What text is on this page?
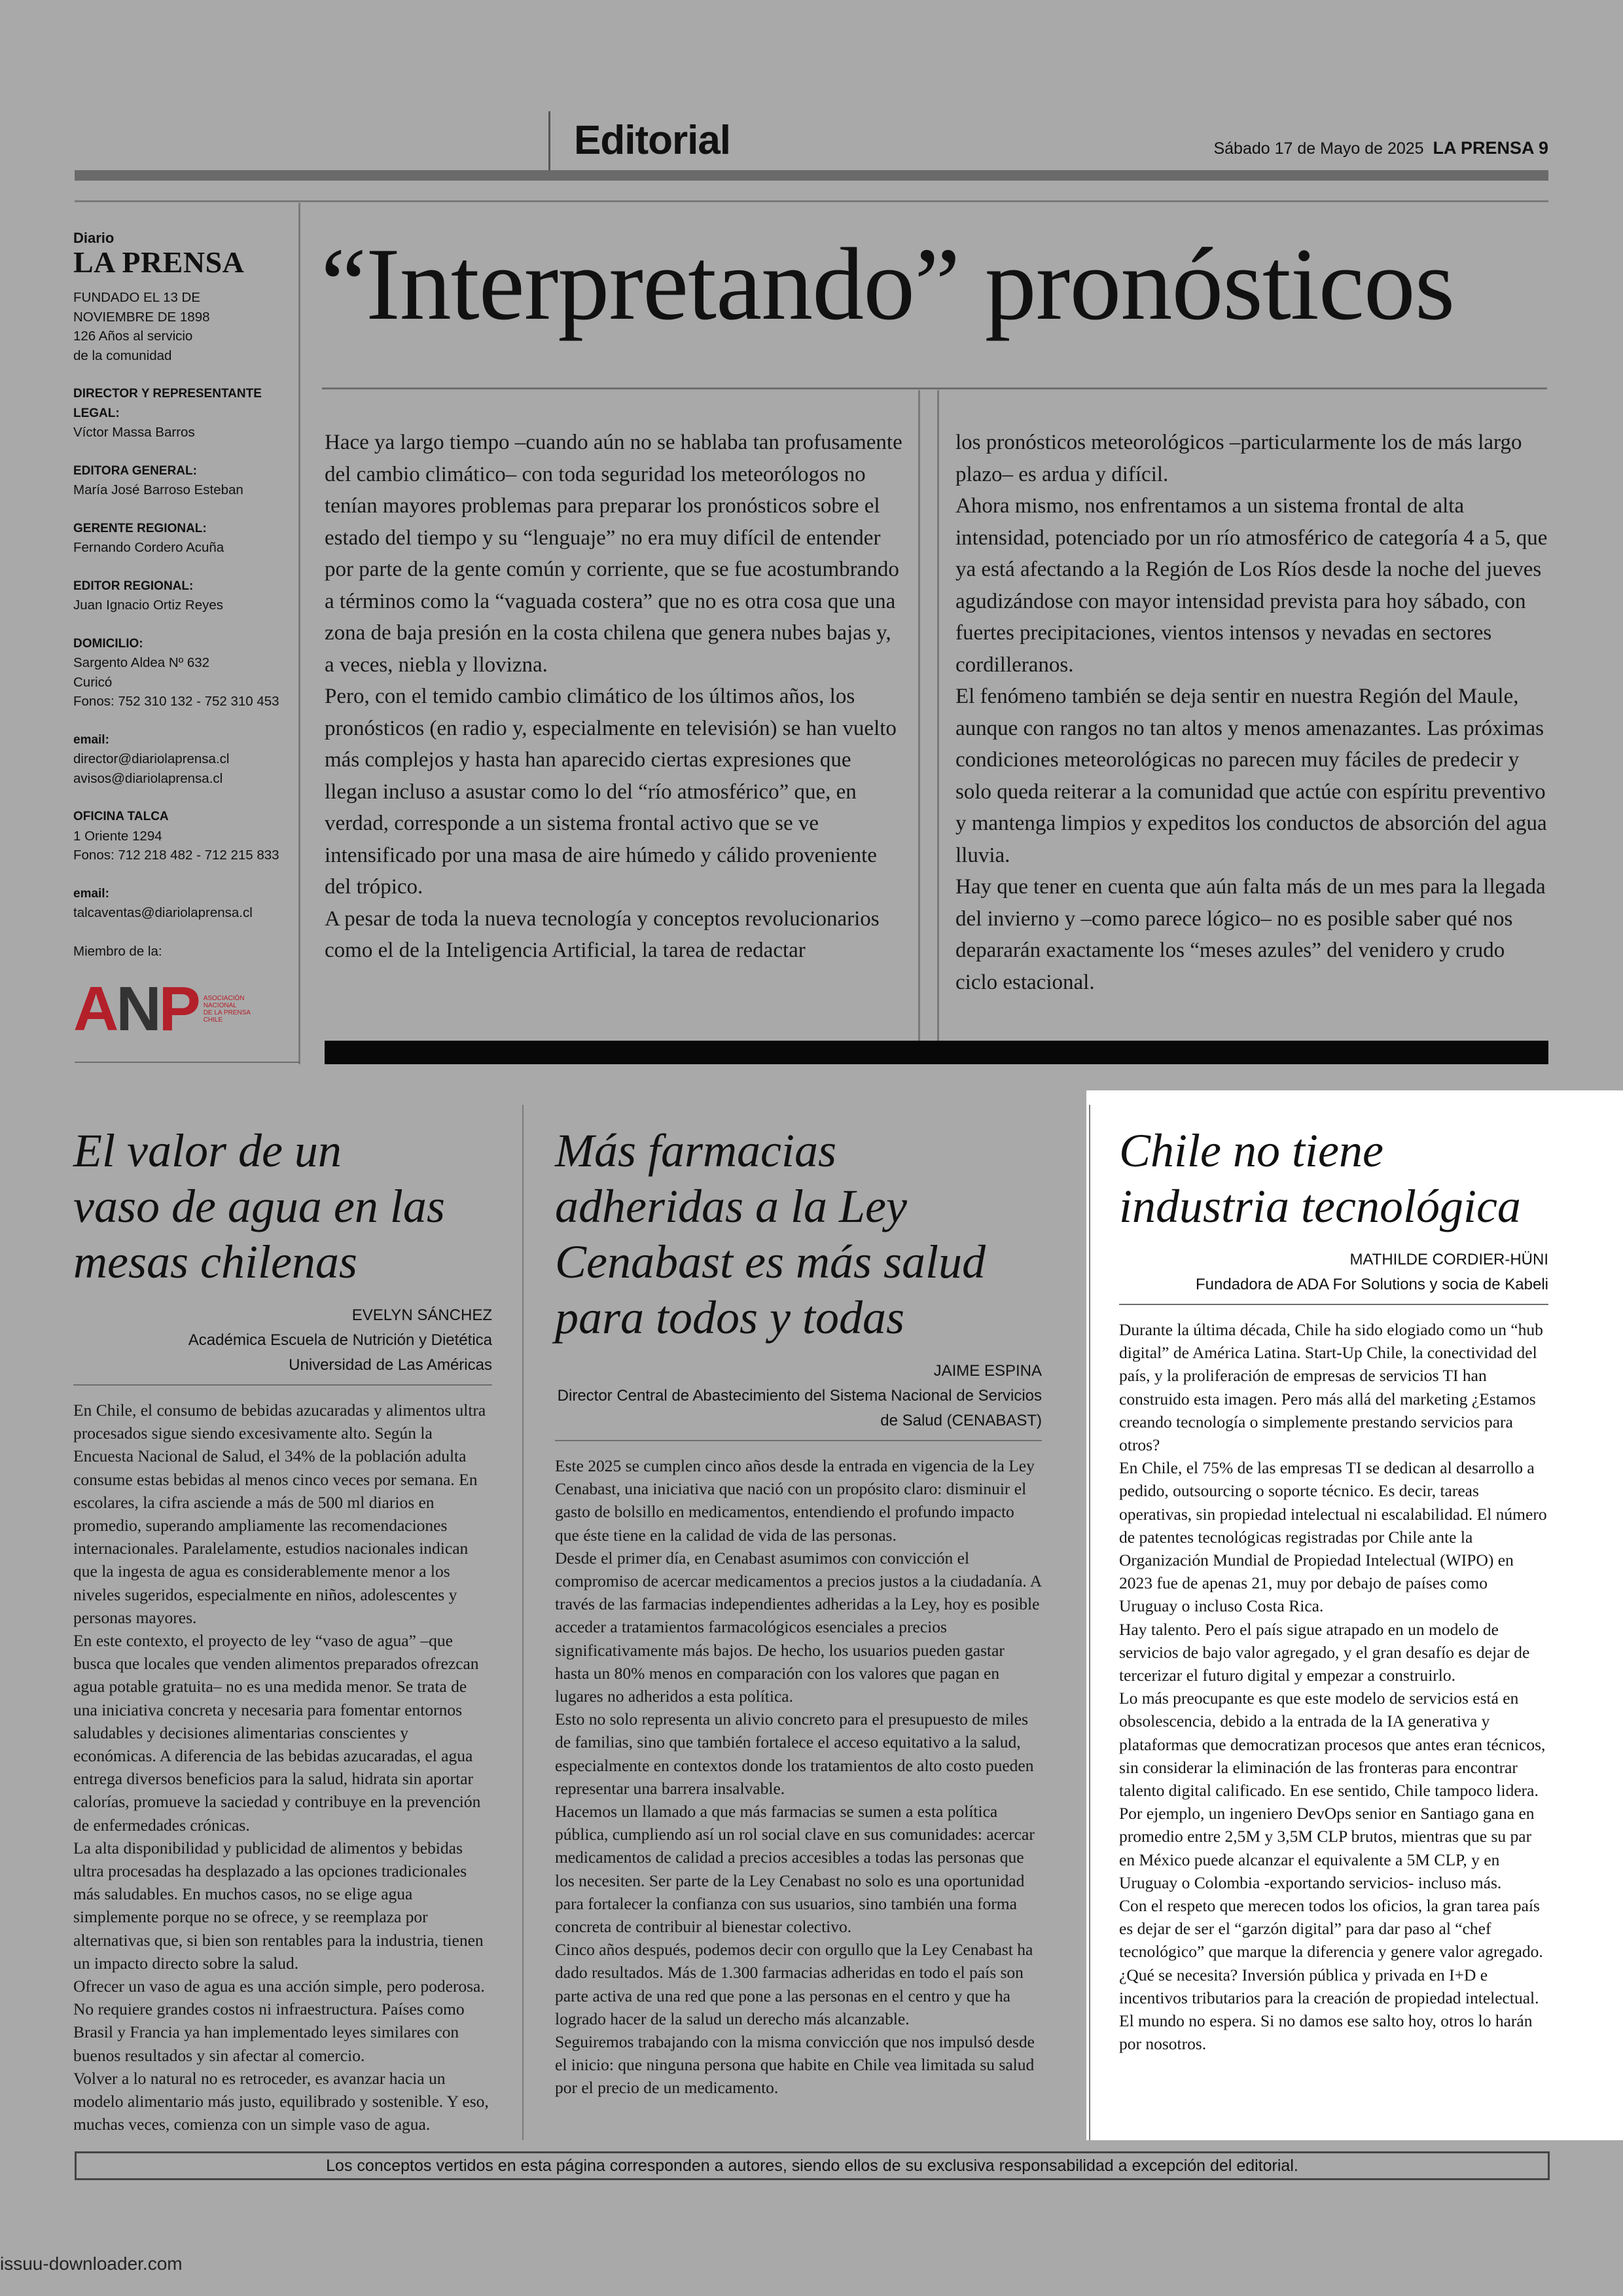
Editorial	Sábado 17 de Mayo de 2025 LA PRENSA 9
Diario
LA PRENSA
FUNDADO EL 13 DE
NOVIEMBRE DE 1898
126 Años al servicio
de la comunidad
DIRECTOR Y REPRESENTANTE LEGAL:
Víctor Massa Barros
EDITORA GENERAL:
María José Barroso Esteban
GERENTE REGIONAL:
Fernando Cordero Acuña
EDITOR REGIONAL:
Juan Ignacio Ortiz Reyes
DOMICILIO:
Sargento Aldea Nº 632
Curicó
Fonos: 752 310 132 - 752 310 453
email:
director@diariolaprensa.cl
avisos@diariolaprensa.cl
OFICINA TALCA
1 Oriente 1294
Fonos: 712 218 482 - 712 215 833
email:
talcaventas@diariolaprensa.cl
Miembro de la:
ANP ASOCIACIÓN
NACIONAL
DE LA PRENSA
CHILE
“Interpretando” pronósticos

Hace ya largo tiempo –cuando aún no se hablaba tan profusamente del cambio climático– con toda seguridad los meteorólogos no tenían mayores problemas para preparar los pronósticos sobre el estado del tiempo y su “lenguaje” no era muy difícil de entender por parte de la gente común y corriente, que se fue acostumbrando a términos como la “vaguada costera” que no es otra cosa que una zona de baja presión en la costa chilena que genera nubes bajas y, a veces, niebla y llovizna.

Pero, con el temido cambio climático de los últimos años, los pronósticos (en radio y, especialmente en televisión) se han vuelto más complejos y hasta han aparecido ciertas expresiones que llegan incluso a asustar como lo del “río atmosférico” que, en verdad, corresponde a un sistema frontal activo que se ve intensificado por una masa de aire húmedo y cálido proveniente del trópico.

A pesar de toda la nueva tecnología y conceptos revolucionarios como el de la Inteligencia Artificial, la tarea de redactar

los pronósticos meteorológicos –particularmente los de más largo plazo– es ardua y difícil.

Ahora mismo, nos enfrentamos a un sistema frontal de alta intensidad, potenciado por un río atmosférico de categoría 4 a 5, que ya está afectando a la Región de Los Ríos desde la noche del jueves agudizándose con mayor intensidad prevista para hoy sábado, con fuertes precipitaciones, vientos intensos y nevadas en sectores cordilleranos.

El fenómeno también se deja sentir en nuestra Región del Maule, aunque con rangos no tan altos y menos amenazantes. Las próximas condiciones meteorológicas no parecen muy fáciles de predecir y solo queda reiterar a la comunidad que actúe con espíritu preventivo y mantenga limpios y expeditos los conductos de absorción del agua lluvia.

Hay que tener en cuenta que aún falta más de un mes para la llegada del invierno y –como parece lógico– no es posible saber qué nos depararán exactamente los “meses azules” del venidero y crudo ciclo estacional.

El valor de un
vaso de agua en las
mesas chilenas
EVELYN SÁNCHEZ
Académica Escuela de Nutrición y Dietética
Universidad de Las Américas

En Chile, el consumo de bebidas azucaradas y alimentos ultra procesados sigue siendo excesivamente alto. Según la Encuesta Nacional de Salud, el 34% de la población adulta consume estas bebidas al menos cinco veces por semana. En escolares, la cifra asciende a más de 500 ml diarios en promedio, superando ampliamente las recomendaciones internacionales. Paralelamente, estudios nacionales indican que la ingesta de agua es considerablemente menor a los niveles sugeridos, especialmente en niños, adolescentes y personas mayores.

En este contexto, el proyecto de ley “vaso de agua” –que busca que locales que venden alimentos preparados ofrezcan agua potable gratuita– no es una medida menor. Se trata de una iniciativa concreta y necesaria para fomentar entornos saludables y decisiones alimentarias conscientes y económicas. A diferencia de las bebidas azucaradas, el agua entrega diversos beneficios para la salud, hidrata sin aportar calorías, promueve la saciedad y contribuye en la prevención de enfermedades crónicas.

La alta disponibilidad y publicidad de alimentos y bebidas ultra procesadas ha desplazado a las opciones tradicionales más saludables. En muchos casos, no se elige agua simplemente porque no se ofrece, y se reemplaza por alternativas que, si bien son rentables para la industria, tienen un impacto directo sobre la salud.

Ofrecer un vaso de agua es una acción simple, pero poderosa. No requiere grandes costos ni infraestructura. Países como Brasil y Francia ya han implementado leyes similares con buenos resultados y sin afectar al comercio.

Volver a lo natural no es retroceder, es avanzar hacia un modelo alimentario más justo, equilibrado y sostenible. Y eso, muchas veces, comienza con un simple vaso de agua.

Más farmacias
adheridas a la Ley
Cenabast es más salud
para todos y todas
JAIME ESPINA
Director Central de Abastecimiento del Sistema Nacional de Servicios
de Salud (CENABAST)

Este 2025 se cumplen cinco años desde la entrada en vigencia de la Ley Cenabast, una iniciativa que nació con un propósito claro: disminuir el gasto de bolsillo en medicamentos, entendiendo el profundo impacto que éste tiene en la calidad de vida de las personas.

Desde el primer día, en Cenabast asumimos con convicción el compromiso de acercar medicamentos a precios justos a la ciudadanía. A través de las farmacias independientes adheridas a la Ley, hoy es posible acceder a tratamientos farmacológicos esenciales a precios significativamente más bajos. De hecho, los usuarios pueden gastar hasta un 80% menos en comparación con los valores que pagan en lugares no adheridos a esta política.

Esto no solo representa un alivio concreto para el presupuesto de miles de familias, sino que también fortalece el acceso equitativo a la salud, especialmente en contextos donde los tratamientos de alto costo pueden representar una barrera insalvable.

Hacemos un llamado a que más farmacias se sumen a esta política pública, cumpliendo así un rol social clave en sus comunidades: acercar medicamentos de calidad a precios accesibles a todas las personas que los necesiten. Ser parte de la Ley Cenabast no solo es una oportunidad para fortalecer la confianza con sus usuarios, sino también una forma concreta de contribuir al bienestar colectivo.

Cinco años después, podemos decir con orgullo que la Ley Cenabast ha dado resultados. Más de 1.300 farmacias adheridas en todo el país son parte activa de una red que pone a las personas en el centro y que ha logrado hacer de la salud un derecho más alcanzable.

Seguiremos trabajando con la misma convicción que nos impulsó desde el inicio: que ninguna persona que habite en Chile vea limitada su salud por el precio de un medicamento.

Chile no tiene
industria tecnológica
MATHILDE CORDIER-HÜNI
Fundadora de ADA For Solutions y socia de Kabeli

Durante la última década, Chile ha sido elogiado como un “hub digital” de América Latina. Start-Up Chile, la conectividad del país, y la proliferación de empresas de servicios TI han construido esta imagen. Pero más allá del marketing ¿Estamos creando tecnología o simplemente prestando servicios para otros?

En Chile, el 75% de las empresas TI se dedican al desarrollo a pedido, outsourcing o soporte técnico. Es decir, tareas operativas, sin propiedad intelectual ni escalabilidad. El número de patentes tecnológicas registradas por Chile ante la Organización Mundial de Propiedad Intelectual (WIPO) en 2023 fue de apenas 21, muy por debajo de países como Uruguay o incluso Costa Rica.

Hay talento. Pero el país sigue atrapado en un modelo de servicios de bajo valor agregado, y el gran desafío es dejar de tercerizar el futuro digital y empezar a construirlo.

Lo más preocupante es que este modelo de servicios está en obsolescencia, debido a la entrada de la IA generativa y plataformas que democratizan procesos que antes eran técnicos, sin considerar la eliminación de las fronteras para encontrar talento digital calificado. En ese sentido, Chile tampoco lidera. Por ejemplo, un ingeniero DevOps senior en Santiago gana en promedio entre 2,5M y 3,5M CLP brutos, mientras que su par en México puede alcanzar el equivalente a 5M CLP, y en Uruguay o Colombia -exportando servicios- incluso más.

Con el respeto que merecen todos los oficios, la gran tarea país es dejar de ser el “garzón digital” para dar paso al “chef tecnológico” que marque la diferencia y genere valor agregado. ¿Qué se necesita? Inversión pública y privada en I+D e incentivos tributarios para la creación de propiedad intelectual.

El mundo no espera. Si no damos ese salto hoy, otros lo harán por nosotros.

Los conceptos vertidos en esta página corresponden a autores, siendo ellos de su exclusiva responsabilidad a excepción del editorial.
issuu-downloader.com
